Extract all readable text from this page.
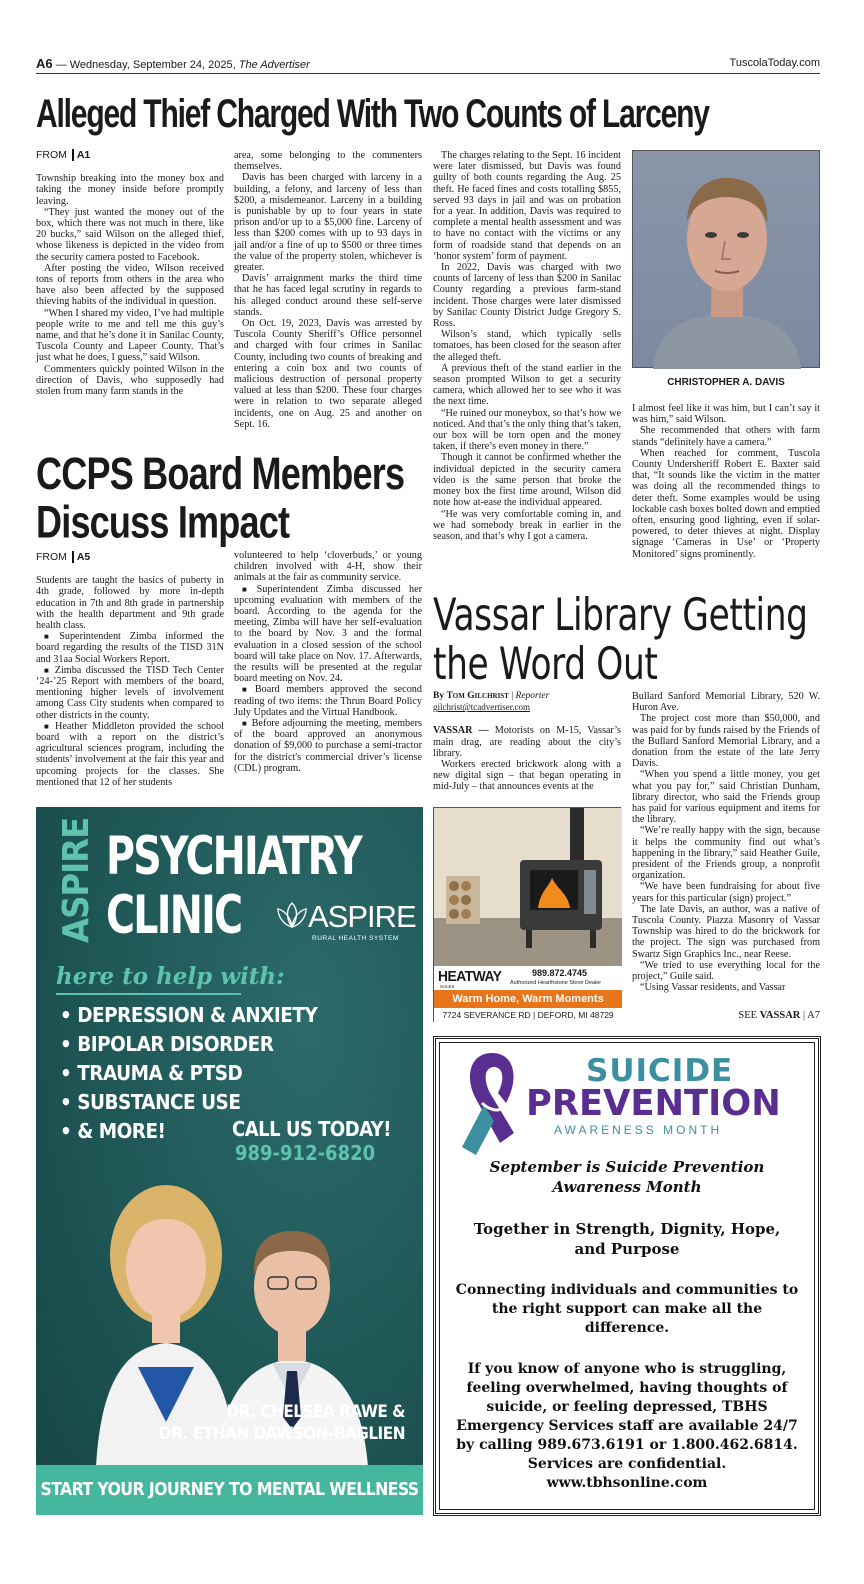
A6 — Wednesday, September 24, 2025, The Advertiser	TuscolaToday.com
Alleged Thief Charged With Two Counts of Larceny
FROM A1

Township breaking into the money box and taking the money inside before promptly leaving.

“They just wanted the money out of the box, which there was not much in there, like 20 bucks,” said Wilson on the alleged thief, whose likeness is depicted in the video from the security camera posted to Facebook.

After posting the video, Wilson received tons of reports from others in the area who have also been affected by the supposed thieving habits of the individual in question.

“When I shared my video, I’ve had multiple people write to me and tell me this guy’s name, and that he’s done it in Sanilac County, Tuscola County and Lapeer County. That’s just what he does, I guess,” said Wilson.

Commenters quickly pointed Wilson in the direction of Davis, who supposedly had stolen from many farm stands in the

area, some belonging to the commenters themselves.

Davis has been charged with larceny in a building, a felony, and larceny of less than $200, a misdemeanor. Larceny in a building is punishable by up to four years in state prison and/or up to a $5,000 fine. Larceny of less than $200 comes with up to 93 days in jail and/or a fine of up to $500 or three times the value of the property stolen, whichever is greater.

Davis’ arraignment marks the third time that he has faced legal scrutiny in regards to his alleged conduct around these self-serve stands.

On Oct. 19, 2023, Davis was arrested by Tuscola County Sheriff’s Office personnel and charged with four crimes in Sanilac County, including two counts of breaking and entering a coin box and two counts of malicious destruction of personal property valued at less than $200. These four charges were in relation to two separate alleged incidents, one on Aug. 25 and another on Sept. 16.

The charges relating to the Sept. 16 incident were later dismissed, but Davis was found guilty of both counts regarding the Aug. 25 theft. He faced fines and costs totalling $855, served 93 days in jail and was on probation for a year. In addition, Davis was required to complete a mental health assessment and was to have no contact with the victims or any form of roadside stand that depends on an ‘honor system’ form of payment.

In 2022, Davis was charged with two counts of larceny of less than $200 in Sanilac County regarding a previous farm-stand incident. Those charges were later dismissed by Sanilac County District Judge Gregory S. Ross.

Wilson’s stand, which typically sells tomatoes, has been closed for the season after the alleged theft.

A previous theft of the stand earlier in the season prompted Wilson to get a security camera, which allowed her to see who it was the next time.

“He ruined our moneybox, so that’s how we noticed. And that’s the only thing that’s taken, our box will be torn open and the money taken, if there’s even money in there.”

Though it cannot be confirmed whether the individual depicted in the security camera video is the same person that broke the money box the first time around, Wilson did note how at-ease the individual appeared.

“He was very comfortable coming in, and we had somebody break in earlier in the season, and that’s why I got a camera.

CHRISTOPHER A. DAVIS

I almost feel like it was him, but I can’t say it was him,” said Wilson.

She recommended that others with farm stands “definitely have a camera.”

When reached for comment, Tuscola County Undersheriff Robert E. Baxter said that, “It sounds like the victim in the matter was doing all the recommended things to deter theft. Some examples would be using lockable cash boxes bolted down and emptied often, ensuring good lighting, even if solar-powered, to deter thieves at night. Display signage ‘Cameras in Use’ or ‘Property Monitored’ signs prominently.

CCPS Board Members
Discuss Impact
FROM A5

Students are taught the basics of puberty in 4th grade, followed by more in-depth education in 7th and 8th grade in partnership with the health department and 9th grade health class.

■ Superintendent Zimba informed the board regarding the results of the TISD 31N and 31aa Social Workers Report.

■ Zimba discussed the TISD Tech Center ‘24-’25 Report with members of the board, mentioning higher levels of involvement among Cass City students when compared to other districts in the county.

■ Heather Middleton provided the school board with a report on the district’s agricultural sciences program, including the students’ involvement at the fair this year and upcoming projects for the classes. She mentioned that 12 of her students

volunteered to help ‘cloverbuds,’ or young children involved with 4-H, show their animals at the fair as community service.

■ Superintendent Zimba discussed her upcoming evaluation with members of the board. According to the agenda for the meeting, Zimba will have her self-evaluation to the board by Nov. 3 and the formal evaluation in a closed session of the school board will take place on Nov. 17. Afterwards, the results will be presented at the regular board meeting on Nov. 24.

■ Board members approved the second reading of two items: the Thrun Board Policy July Updates and the Virtual Handbook.

■ Before adjourning the meeting, members of the board approved an anonymous donation of $9,000 to purchase a semi-tractor for the district's commercial driver’s license (CDL) program.

Vassar Library Getting
the Word Out
By Tom Gilchrist | Reporter
gilchrist@tcadvertiser.com

VASSAR — Motorists on M-15, Vassar’s main drag, are reading about the city’s library.

Workers erected brickwork along with a new digital sign – that began operating in mid-July – that announces events at the

Bullard Sanford Memorial Library, 520 W. Huron Ave.

The project cost more than $50,000, and was paid for by funds raised by the Friends of the Bullard Sanford Memorial Library, and a donation from the estate of the late Jerry Davis.

“When you spend a little money, you get what you pay for,” said Christian Dunham, library director, who said the Friends group has paid for various equipment and items for the library.

“We’re really happy with the sign, because it helps the community find out what’s happening in the library,” said Heather Guile, president of the Friends group, a nonprofit organization.

“We have been fundraising for about five years for this particular (sign) project.”

The late Davis, an author, was a native of Tuscola County. Piazza Masonry of Vassar Township was hired to do the brickwork for the project. The sign was purchased from Swartz Sign Graphics Inc., near Reese.

“We tried to use everything local for the project,” Guile said.

“Using Vassar residents, and Vassar

SEE VASSAR | A7
ASPIRE PSYCHIATRY
CLINIC	ASPIRE
RURAL HEALTH SYSTEM
here to help with:
• DEPRESSION & ANXIETY
• BIPOLAR DISORDER
• TRAUMA & PTSD
• SUBSTANCE USE
• & MORE!	CALL US TODAY!
989-912-6820
DR. CHELSEA RAWE &
DR. ETHAN DAWSON-BAGLIEN
START YOUR JOURNEY TO MENTAL WELLNESS TODAY.
HEATWAY
SALES
989.872.4745
Authorized Hearthstone Stove Dealer
Warm Home, Warm Moments
7724 SEVERANCE RD | DEFORD, MI 48729
SUICIDE
PREVENTION
AWARENESS MONTH
September is Suicide Prevention Awareness Month
Together in Strength, Dignity, Hope, and Purpose
Connecting individuals and communities to the right support can make all the difference.
If you know of anyone who is struggling, feeling overwhelmed, having thoughts of suicide, or feeling depressed, TBHS Emergency Services staff are available 24/7 by calling 989.673.6191 or 1.800.462.6814. Services are confidential. www.tbhsonline.com
